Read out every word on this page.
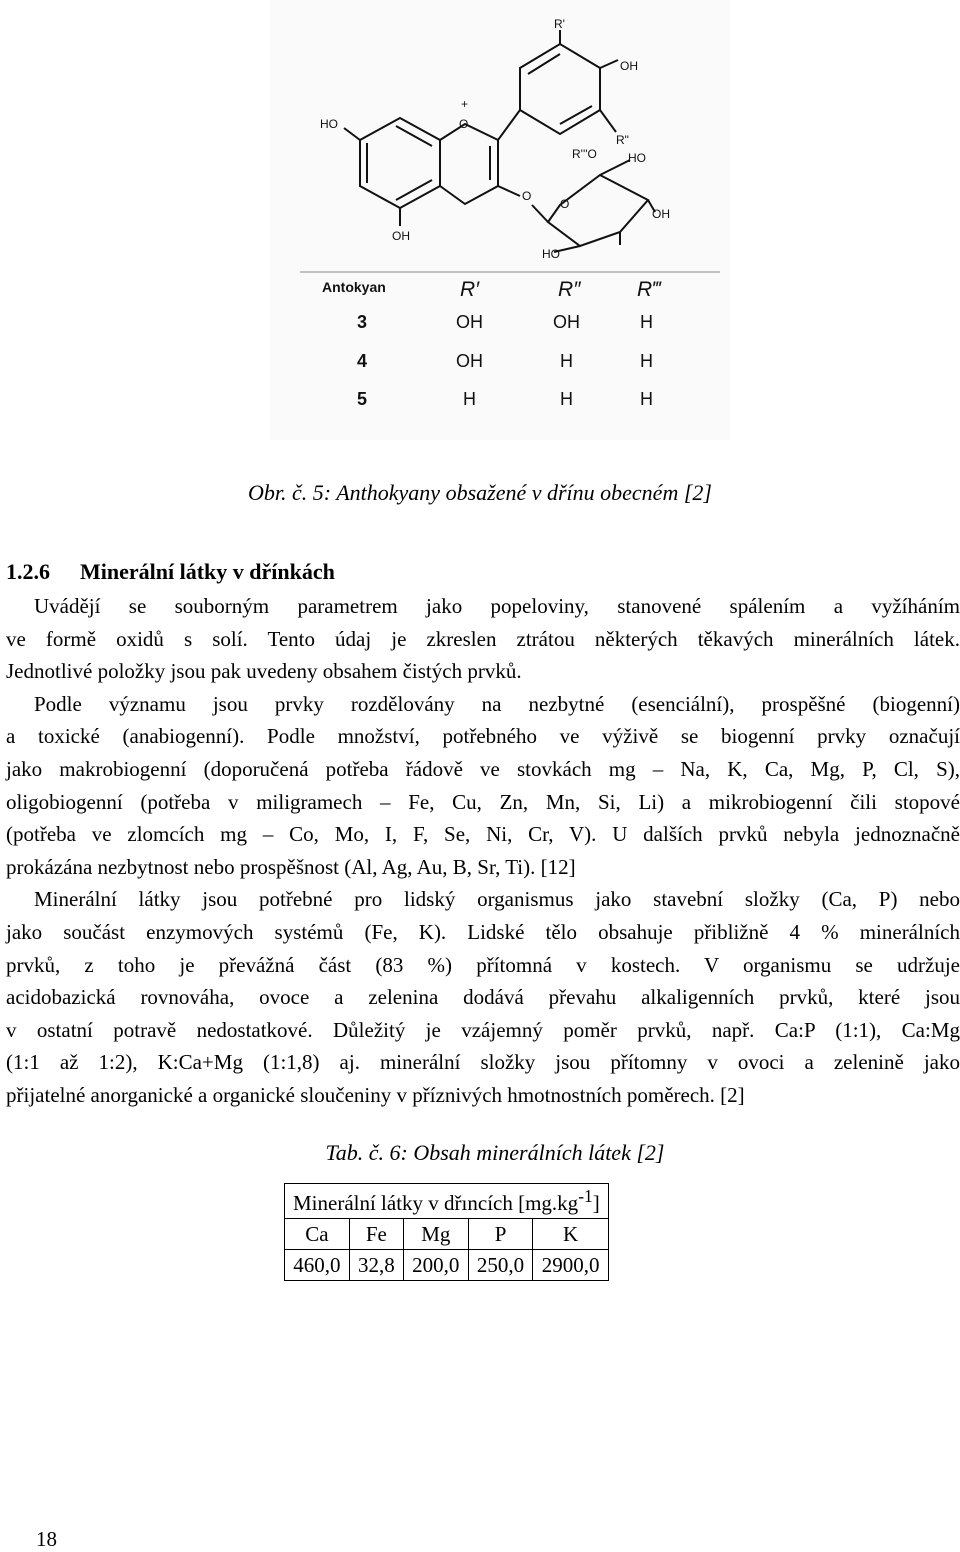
R'
OH
HO
+
O
R"
R'''O	HO
O
O
OH
OH
HO
Antokyan	R′	R″	R‴
3	OH	OH	H
4	OH	H	H
5	H	H	H
Obr. č. 5: Anthokyany obsažené v dřínu obecném [2]
1.2.6 Minerální látky v dřínkách
Uvádějí se souborným parametrem jako popeloviny, stanovené spálením a vyžíháním
ve formě oxidů s solí. Tento údaj je zkreslen ztrátou některých těkavých minerálních látek.
Jednotlivé položky jsou pak uvedeny obsahem čistých prvků.
Podle významu jsou prvky rozdělovány na nezbytné (esenciální), prospěšné (biogenní)
a toxické (anabiogenní). Podle množství, potřebného ve výživě se biogenní prvky označují
jako makrobiogenní (doporučená potřeba řádově ve stovkách mg – Na, K, Ca, Mg, P, Cl, S),
oligobiogenní (potřeba v miligramech – Fe, Cu, Zn, Mn, Si, Li) a mikrobiogenní čili stopové
(potřeba ve zlomcích mg – Co, Mo, I, F, Se, Ni, Cr, V). U dalších prvků nebyla jednoznačně
prokázána nezbytnost nebo prospěšnost (Al, Ag, Au, B, Sr, Ti). [12]
Minerální látky jsou potřebné pro lidský organismus jako stavební složky (Ca, P) nebo
jako součást enzymových systémů (Fe, K). Lidské tělo obsahuje přibližně 4 % minerálních
prvků, z toho je převážná část (83 %) přítomná v kostech. V organismu se udržuje
acidobazická rovnováha, ovoce a zelenina dodává převahu alkaligenních prvků, které jsou
v ostatní potravě nedostatkové. Důležitý je vzájemný poměr prvků, např. Ca:P (1:1), Ca:Mg
(1:1 až 1:2), K:Ca+Mg (1:1,8) aj. minerální složky jsou přítomny v ovoci a zelenině jako
přijatelné anorganické a organické sloučeniny v příznivých hmotnostních poměrech. [2]
Tab. č. 6: Obsah minerálních látek [2]
Minerální látky v dřıncích $[mg.kg^{-1}]$				
Ca	Fe	Mg	P	K
460,0	32,8	200,0	250,0	2900,0
18
